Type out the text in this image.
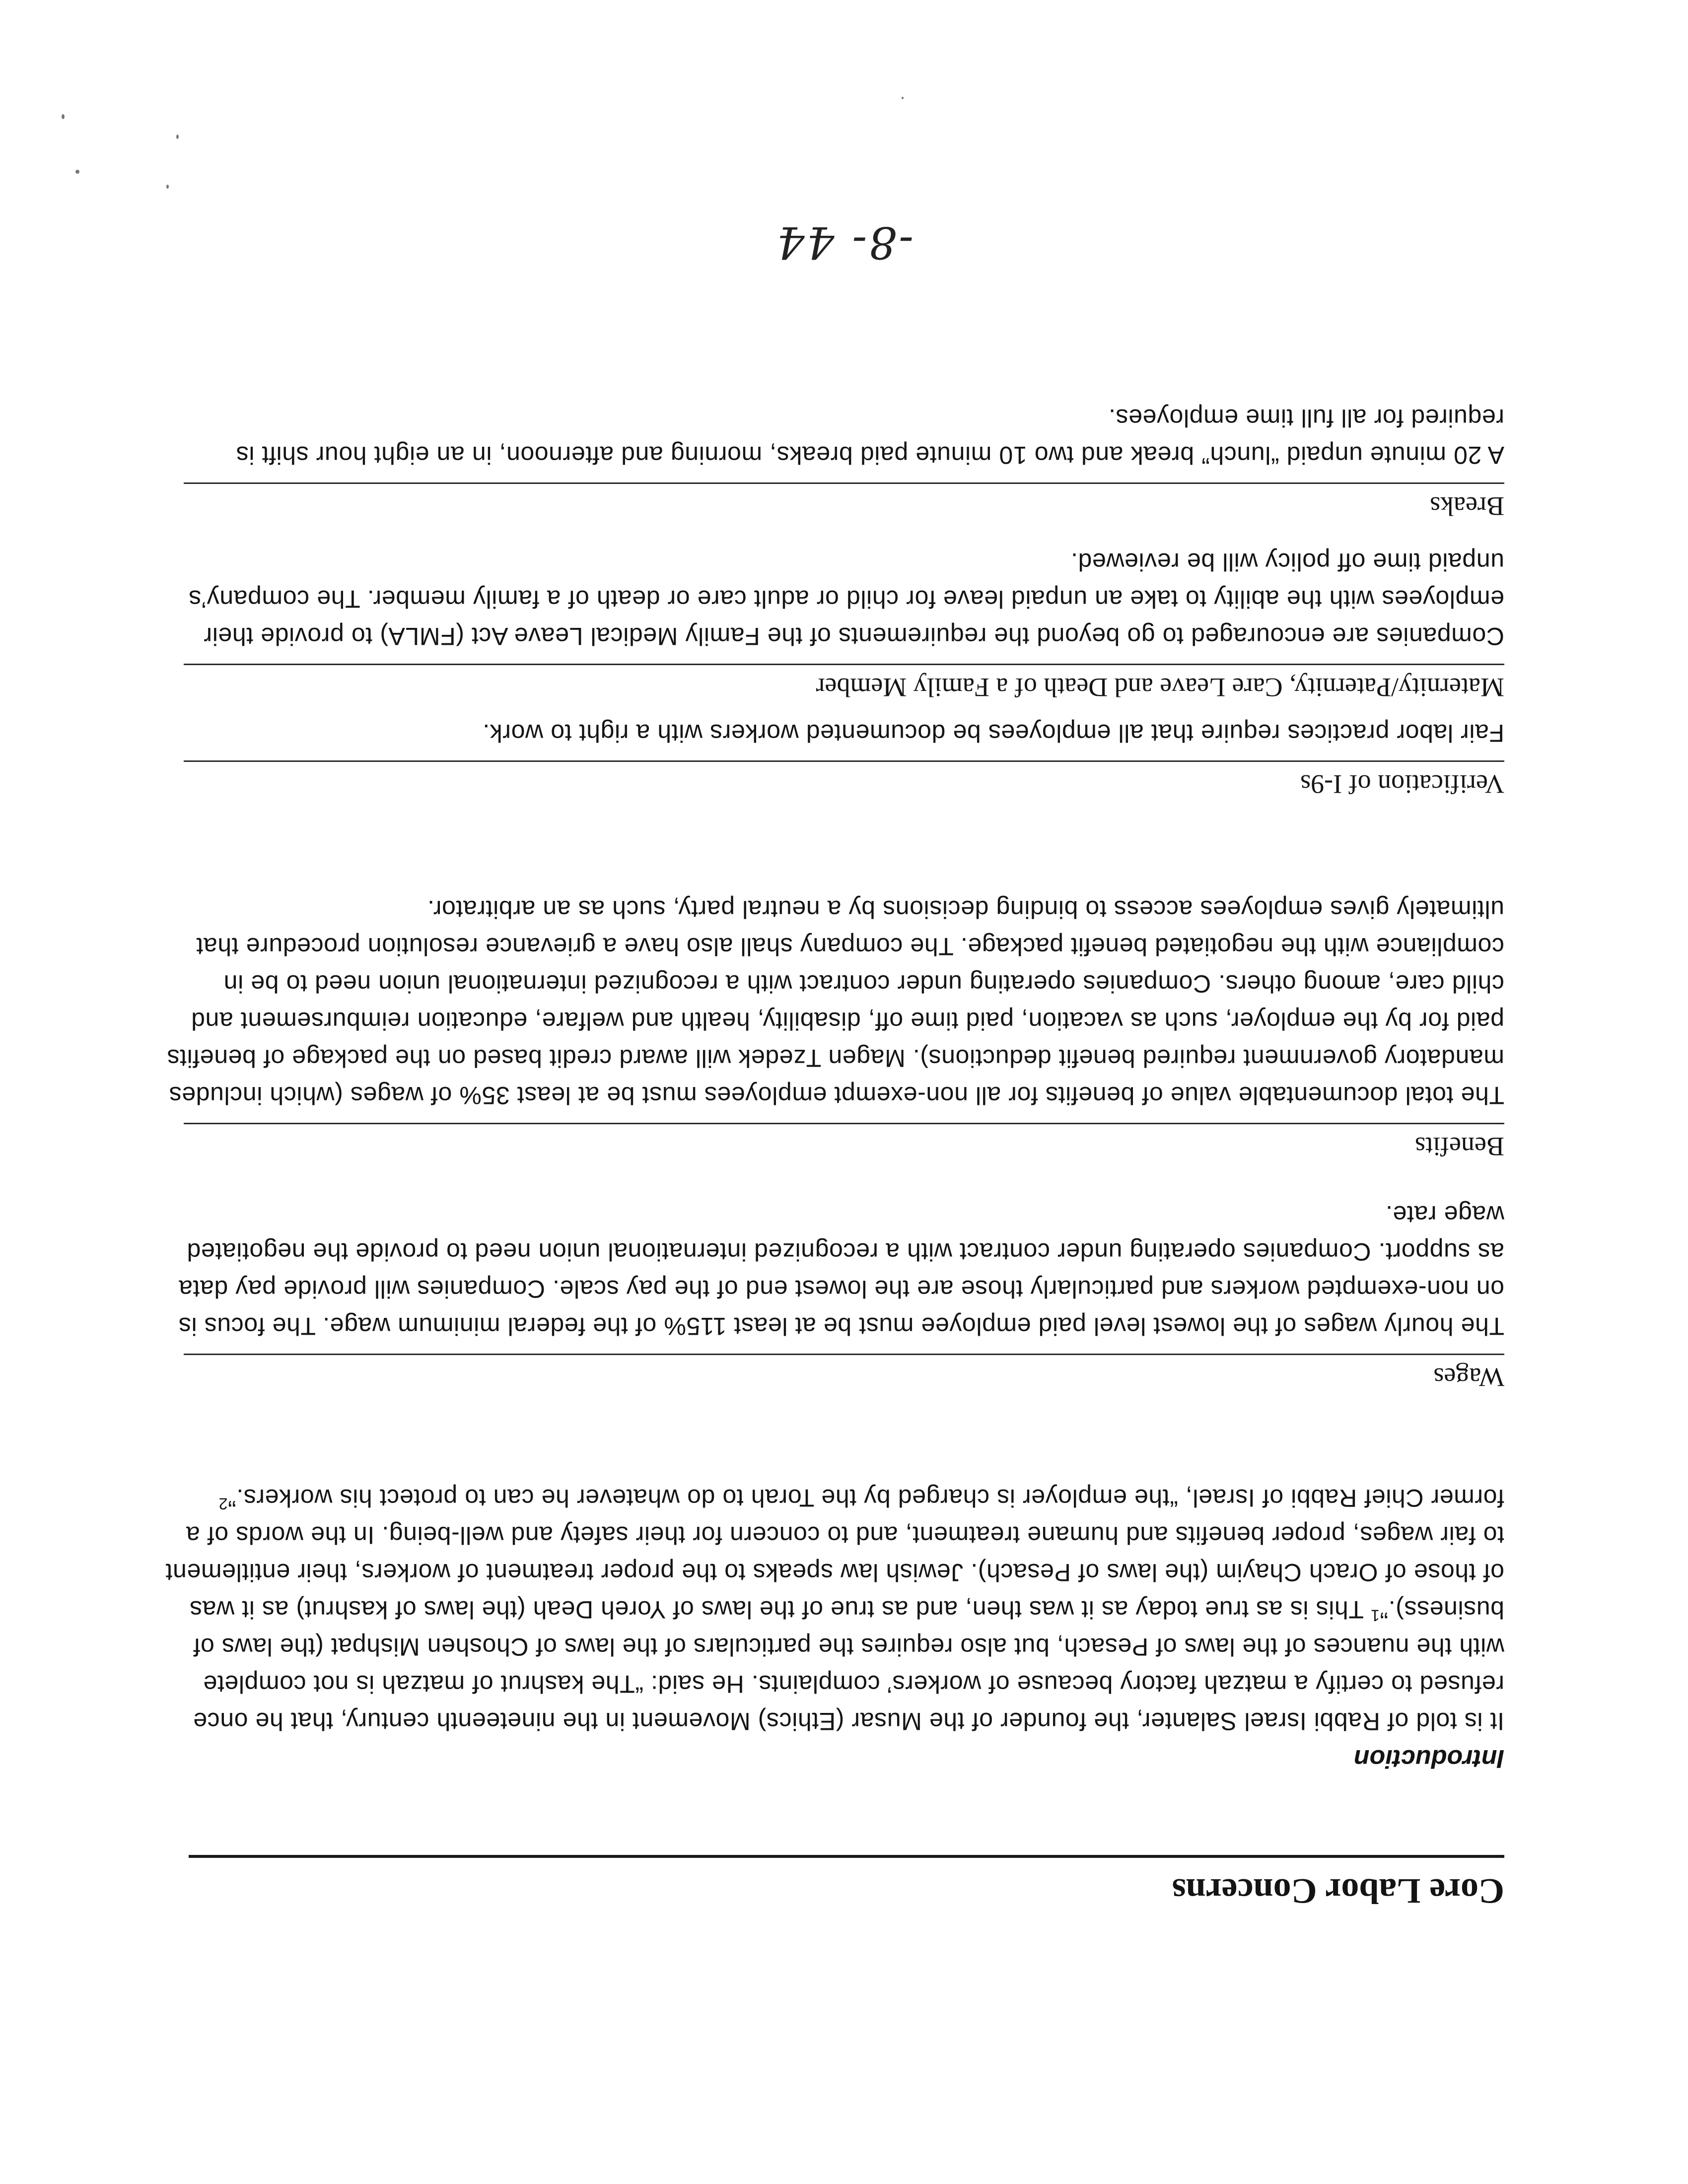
Core Labor Concerns

Introduction

It is told of Rabbi Israel Salanter, the founder of the Musar (Ethics) Movement in the nineteenth century, that he once refused to certify a matzah factory because of workers’ complaints. He said: “The kashrut of matzah is not complete with the nuances of the laws of Pesach, but also requires the particulars of the laws of Choshen Mishpat (the laws of business).”$^1$ This is as true today as it was then, and as true of the laws of Yoreh Deah (the laws of kashrut) as it was of those of Orach Chayim (the laws of Pesach). Jewish law speaks to the proper treatment of workers, their entitlement to fair wages, proper benefits and humane treatment, and to concern for their safety and well-being. In the words of a former Chief Rabbi of Israel, “the employer is charged by the Torah to do whatever he can to protect his workers.”$^2$

Wages

The hourly wages of the lowest level paid employee must be at least 115% of the federal minimum wage. The focus is on non-exempted workers and particularly those are the lowest end of the pay scale. Companies will provide pay data as support. Companies operating under contract with a recognized international union need to provide the negotiated wage rate.

Benefits

The total documentable value of benefits for all non-exempt employees must be at least 35% of wages (which includes mandatory government required benefit deductions). Magen Tzedek will award credit based on the package of benefits paid for by the employer, such as vacation, paid time off, disability, health and welfare, education reimbursement and child care, among others. Companies operating under contract with a recognized international union need to be in compliance with the negotiated benefit package. The company shall also have a grievance resolution procedure that ultimately gives employees access to binding decisions by a neutral party, such as an arbitrator.

Verification of I-9s

Fair labor practices require that all employees be documented workers with a right to work.

Maternity/Paternity, Care Leave and Death of a Family Member

Companies are encouraged to go beyond the requirements of the Family Medical Leave Act (FMLA) to provide their employees with the ability to take an unpaid leave for child or adult care or death of a family member. The company’s unpaid time off policy will be reviewed.

Breaks

A 20 minute unpaid “lunch” break and two 10 minute paid breaks, morning and afternoon, in an eight hour shift is required for all full time employees.

-8- 44
